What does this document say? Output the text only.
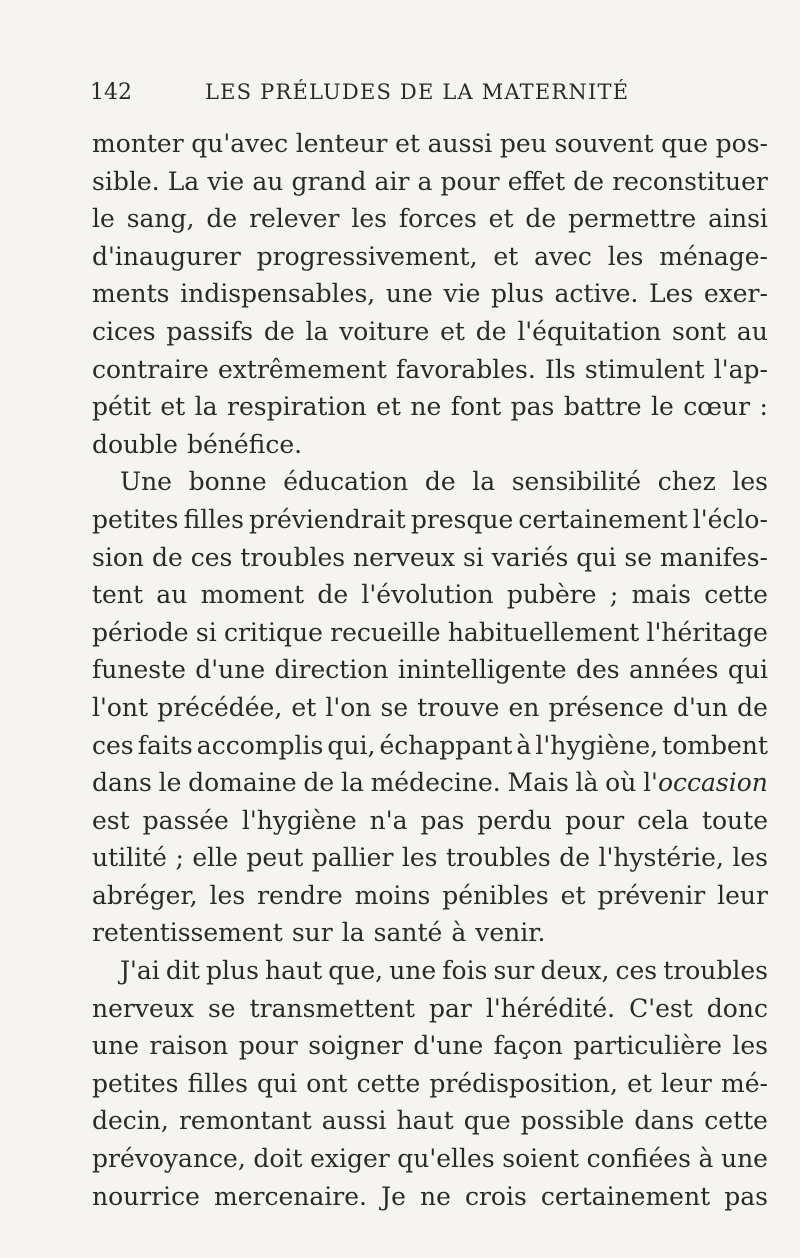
142	LES PRÉLUDES DE LA MATERNITÉ
monter qu'avec lenteur et aussi peu souvent que pos-
sible. La vie au grand air a pour effet de reconstituer
le sang, de relever les forces et de permettre ainsi
d'inaugurer progressivement, et avec les ménage-
ments indispensables, une vie plus active. Les exer-
cices passifs de la voiture et de l'équitation sont au
contraire extrêmement favorables. Ils stimulent l'ap-
pétit et la respiration et ne font pas battre le cœur :
double bénéfice.
Une bonne éducation de la sensibilité chez les
petites filles préviendrait presque certainement l'éclo-
sion de ces troubles nerveux si variés qui se manifes-
tent au moment de l'évolution pubère ; mais cette
période si critique recueille habituellement l'héritage
funeste d'une direction inintelligente des années qui
l'ont précédée, et l'on se trouve en présence d'un de
ces faits accomplis qui, échappant à l'hygiène, tombent
dans le domaine de la médecine. Mais là où l'occasion
est passée l'hygiène n'a pas perdu pour cela toute
utilité ; elle peut pallier les troubles de l'hystérie, les
abréger, les rendre moins pénibles et prévenir leur
retentissement sur la santé à venir.
J'ai dit plus haut que, une fois sur deux, ces troubles
nerveux se transmettent par l'hérédité. C'est donc
une raison pour soigner d'une façon particulière les
petites filles qui ont cette prédisposition, et leur mé-
decin, remontant aussi haut que possible dans cette
prévoyance, doit exiger qu'elles soient confiées à une
nourrice mercenaire. Je ne crois certainement pas
